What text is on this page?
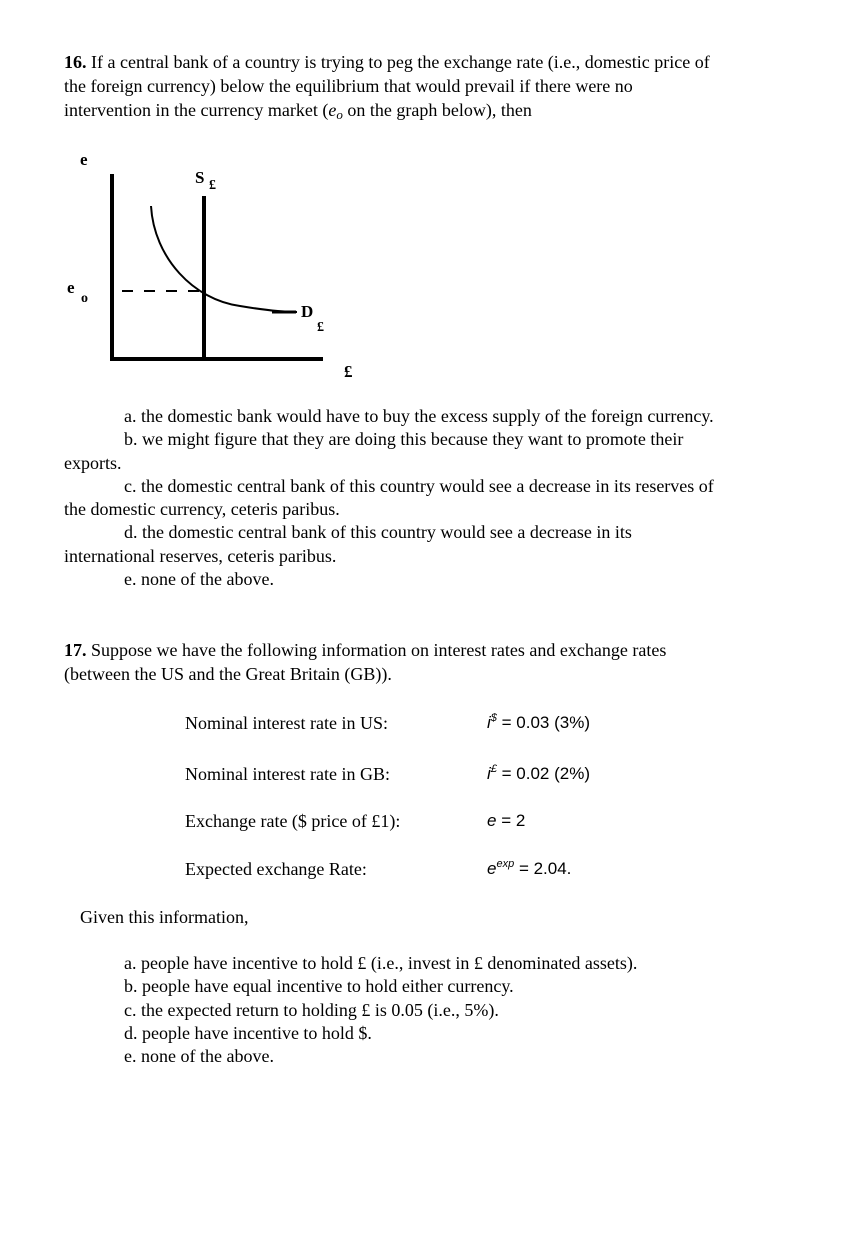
16. If a central bank of a country is trying to peg the exchange rate (i.e., domestic price of
the foreign currency) below the equilibrium that would prevail if there were no
intervention in the currency market (eo on the graph below), then
e
e
o
S £
D
£
£
a. the domestic bank would have to buy the excess supply of the foreign currency.
b. we might figure that they are doing this because they want to promote their
exports.
c. the domestic central bank of this country would see a decrease in its reserves of
the domestic currency, ceteris paribus.
d. the domestic central bank of this country would see a decrease in its
international reserves, ceteris paribus.
e. none of the above.
17. Suppose we have the following information on interest rates and exchange rates
(between the US and the Great Britain (GB)).
Nominal interest rate in US:	i$ = 0.03 (3%)
Nominal interest rate in GB:	i£ = 0.02 (2%)
Exchange rate ($ price of £1):	e = 2
Expected exchange Rate:	$e^{exp} = 2.04$.
Given this information,
a. people have incentive to hold £ (i.e., invest in £ denominated assets).
b. people have equal incentive to hold either currency.
c. the expected return to holding £ is 0.05 (i.e., 5%).
d. people have incentive to hold $.
e. none of the above.
